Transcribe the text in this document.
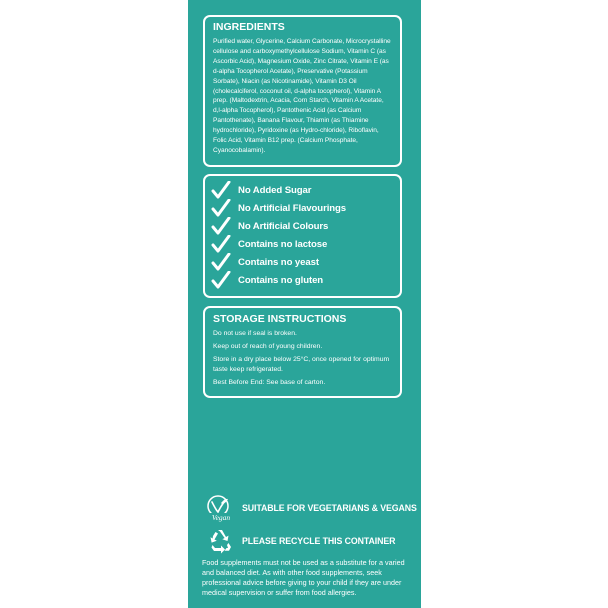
INGREDIENTS

Purified water, Glycerine, Calcium Carbonate, Microcrystalline cellulose and carboxymethylcellulose Sodium, Vitamin C (as Ascorbic Acid), Magnesium Oxide, Zinc Citrate, Vitamin E (as d-alpha Tocopherol Acetate), Preservative (Potassium Sorbate), Niacin (as Nicotinamide), Vitamin D3 Oil (cholecalciferol, coconut oil, d-alpha tocopherol), Vitamin A prep. (Maltodextrin, Acacia, Corn Starch, Vitamin A Acetate, d,l-alpha Tocopherol), Pantothenic Acid (as Calcium Pantothenate), Banana Flavour, Thiamin (as Thiamine hydrochloride), Pyridoxine (as Hydro-chloride), Riboflavin, Folic Acid, Vitamin B12 prep. (Calcium Phosphate, Cyanocobalamin).

No Added Sugar
No Artificial Flavourings
No Artificial Colours
Contains no lactose
Contains no yeast
Contains no gluten
STORAGE INSTRUCTIONS

Do not use if seal is broken.

Keep out of reach of young children.

Store in a dry place below 25°C, once opened for optimum taste keep refrigerated.

Best Before End: See base of carton.

Vegan
SUITABLE FOR VEGETARIANS & VEGANS
PLEASE RECYCLE THIS CONTAINER

Food supplements must not be used as a substitute for a varied and balanced diet. As with other food supplements, seek professional advice before giving to your child if they are under medical supervision or suffer from food allergies.
